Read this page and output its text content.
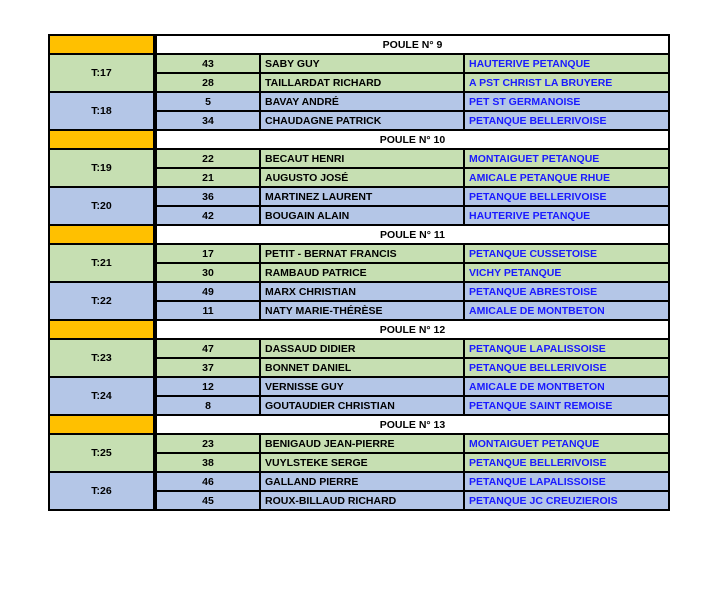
	POULE N° 9		
T:17	43	SABY GUY	HAUTERIVE PETANQUE
	28	TAILLARDAT RICHARD	A PST CHRIST LA BRUYERE
T:18	5	BAVAY ANDRÉ	PET ST GERMANOISE
	34	CHAUDAGNE PATRICK	PETANQUE BELLERIVOISE
	POULE N° 10		
T:19	22	BECAUT HENRI	MONTAIGUET PETANQUE
	21	AUGUSTO JOSÉ	AMICALE PETANQUE RHUE
T:20	36	MARTINEZ LAURENT	PETANQUE BELLERIVOISE
	42	BOUGAIN ALAIN	HAUTERIVE PETANQUE
	POULE N° 11		
T:21	17	PETIT - BERNAT FRANCIS	PETANQUE CUSSETOISE
	30	RAMBAUD PATRICE	VICHY PETANQUE
T:22	49	MARX CHRISTIAN	PETANQUE ABRESTOISE
	11	NATY MARIE-THÉRÈSE	AMICALE DE MONTBETON
	POULE N° 12		
T:23	47	DASSAUD DIDIER	PETANQUE LAPALISSOISE
	37	BONNET DANIEL	PETANQUE BELLERIVOISE
T:24	12	VERNISSE GUY	AMICALE DE MONTBETON
	8	GOUTAUDIER CHRISTIAN	PETANQUE SAINT REMOISE
	POULE N° 13		
T:25	23	BENIGAUD JEAN-PIERRE	MONTAIGUET PETANQUE
	38	VUYLSTEKE SERGE	PETANQUE BELLERIVOISE
T:26	46	GALLAND PIERRE	PETANQUE LAPALISSOISE
	45	ROUX-BILLAUD RICHARD	PETANQUE JC CREUZIEROIS
